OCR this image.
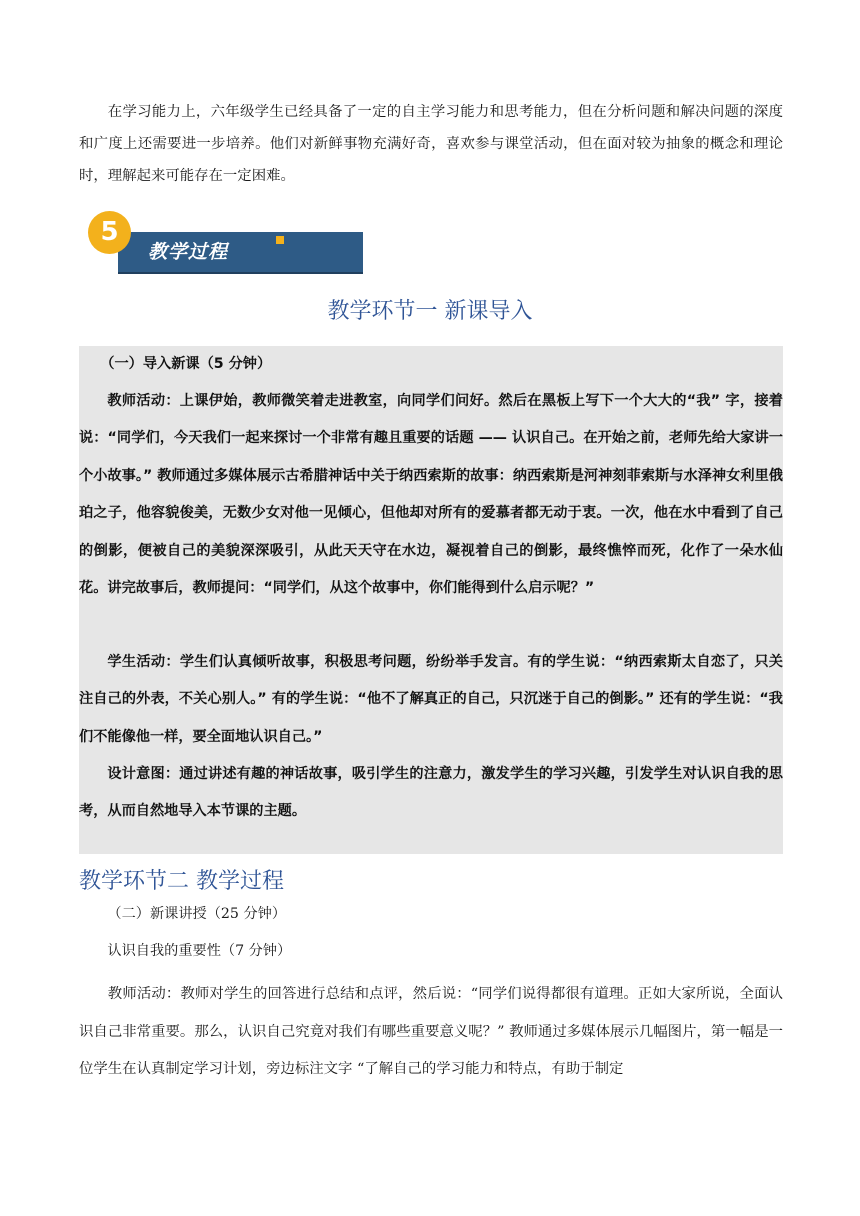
在学习能力上，六年级学生已经具备了一定的自主学习能力和思考能力，但在分析问题和解决问题的深度和广度上还需要进一步培养。他们对新鲜事物充满好奇，喜欢参与课堂活动，但在面对较为抽象的概念和理论时，理解起来可能存在一定困难。

教学过程
5
教学环节一 新课导入

（一）导入新课（5 分钟）

教师活动：上课伊始，教师微笑着走进教室，向同学们问好。然后在黑板上写下一个大大的“我” 字，接着说：“同学们，今天我们一起来探讨一个非常有趣且重要的话题 —— 认识自己。在开始之前，老师先给大家讲一个小故事。” 教师通过多媒体展示古希腊神话中关于纳西索斯的故事：纳西索斯是河神刻菲索斯与水泽神女利里俄珀之子，他容貌俊美，无数少女对他一见倾心，但他却对所有的爱慕者都无动于衷。一次，他在水中看到了自己的倒影，便被自己的美貌深深吸引，从此天天守在水边，凝视着自己的倒影，最终憔悴而死，化作了一朵水仙花。讲完故事后，教师提问：“同学们，从这个故事中，你们能得到什么启示呢？”

学生活动：学生们认真倾听故事，积极思考问题，纷纷举手发言。有的学生说：“纳西索斯太自恋了，只关注自己的外表，不关心别人。” 有的学生说：“他不了解真正的自己，只沉迷于自己的倒影。” 还有的学生说：“我们不能像他一样，要全面地认识自己。”

设计意图：通过讲述有趣的神话故事，吸引学生的注意力，激发学生的学习兴趣，引发学生对认识自我的思考，从而自然地导入本节课的主题。

教学环节二 教学过程

（二）新课讲授（25 分钟）

认识自我的重要性（7 分钟）

教师活动：教师对学生的回答进行总结和点评，然后说：“同学们说得都很有道理。正如大家所说，全面认识自己非常重要。那么，认识自己究竟对我们有哪些重要意义呢？” 教师通过多媒体展示几幅图片，第一幅是一位学生在认真制定学习计划，旁边标注文字 “了解自己的学习能力和特点，有助于制定
